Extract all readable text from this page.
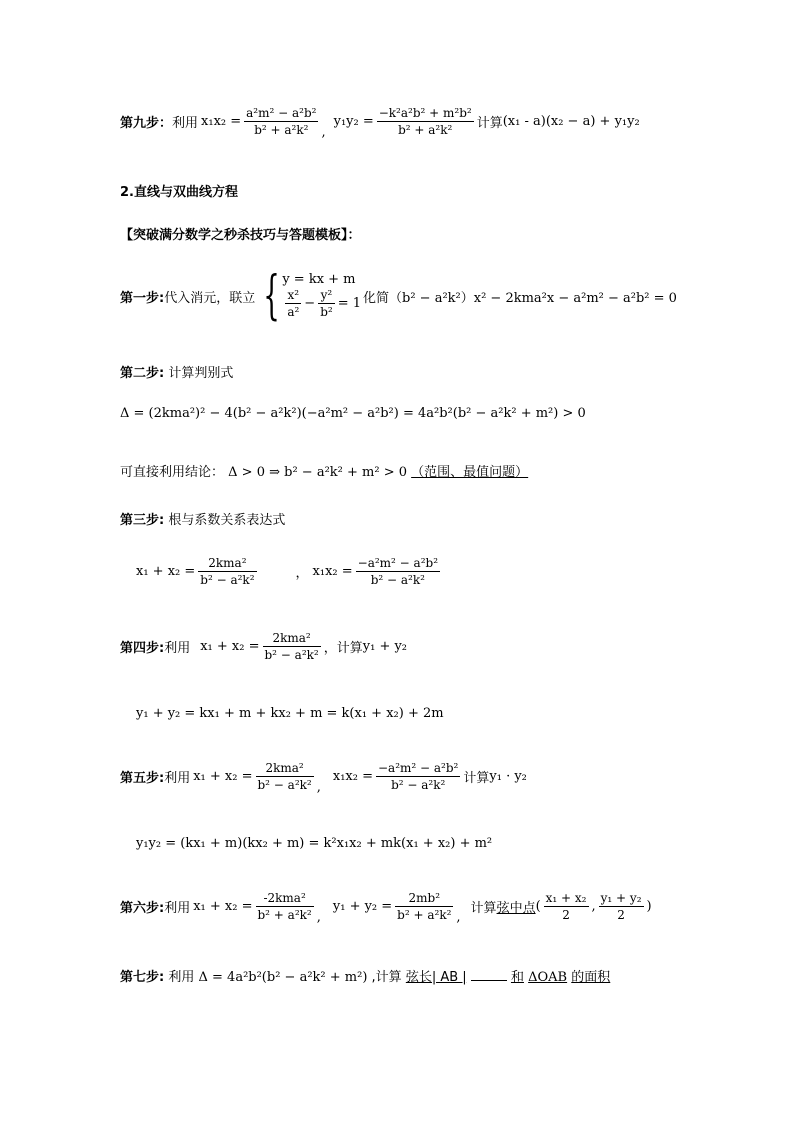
第九步： 利用 $x_1x_2 = \frac{\text{a²m² − a²b²}}{\text{b² + a²k²}}$ ,
$y_1y_2 = \frac{\text{−k²a²b² + m²b²}}{\text{b² + a²k²}}$ 计算 (x₁ - a)(x₂ − a) + y₁y₂
2.直线与双曲线方程
【突破满分数学之秒杀技巧与答题模板】：
第一步: 代入消元，联立 { y = kx + m
$\frac{\text{x²}}{\text{a²}} - \frac{\text{y²}}{\text{b²}} = 1$ 化简 （b² − a²k²）x² − 2kma²x − a²m² − a²b² = 0
第二步: 计算判别式
Δ = (2kma²)² − 4(b² − a²k²)(−a²m² − a²b²) = 4a²b²(b² − a²k² + m²) > 0
可直接利用结论： Δ > 0 ⇒ b² − a²k² + m² > 0 （范围、最值问题）
第三步: 根与系数关系表达式
$x_1 + x_2 = \frac{\text{2kma²}}{\text{b² − a²k²}}$	， $x_1x_2 = \frac{\text{−a²m² − a²b²}}{\text{b² − a²k²}}$
第四步: 利用 $x_1 + x_2 = \frac{\text{2kma²}}{\text{b² − a²k²}}$ ，计算 y₁ + y₂
y₁ + y₂ = kx₁ + m + kx₂ + m = k(x₁ + x₂) + 2m
第五步: 利用 $x_1 + x_2 = \frac{\text{2kma²}}{\text{b² − a²k²}}$ ,
$x_1x_2 = \frac{\text{−a²m² − a²b²}}{\text{b² − a²k²}}$ 计算 y₁ · y₂
y₁y₂ = (kx₁ + m)(kx₂ + m) = k²x₁x₂ + mk(x₁ + x₂) + m²
第六步: 利用 $x_1 + x_2 = \frac{\text{-2kma²}}{\text{b² + a²k²}}$ ,
$y_1 + y_2 = \frac{\text{2mb²}}{\text{b² + a²k²}}$ ,
计算 弦中点 ( $\frac{\text{x₁ + x₂}}{2}$ , $\frac{\text{y₁ + y₂}}{2}$ )
第七步: 利用 Δ = 4a²b²(b² − a²k² + m²) ,计算 弦长| AB |	和 ΔOAB 的面积
